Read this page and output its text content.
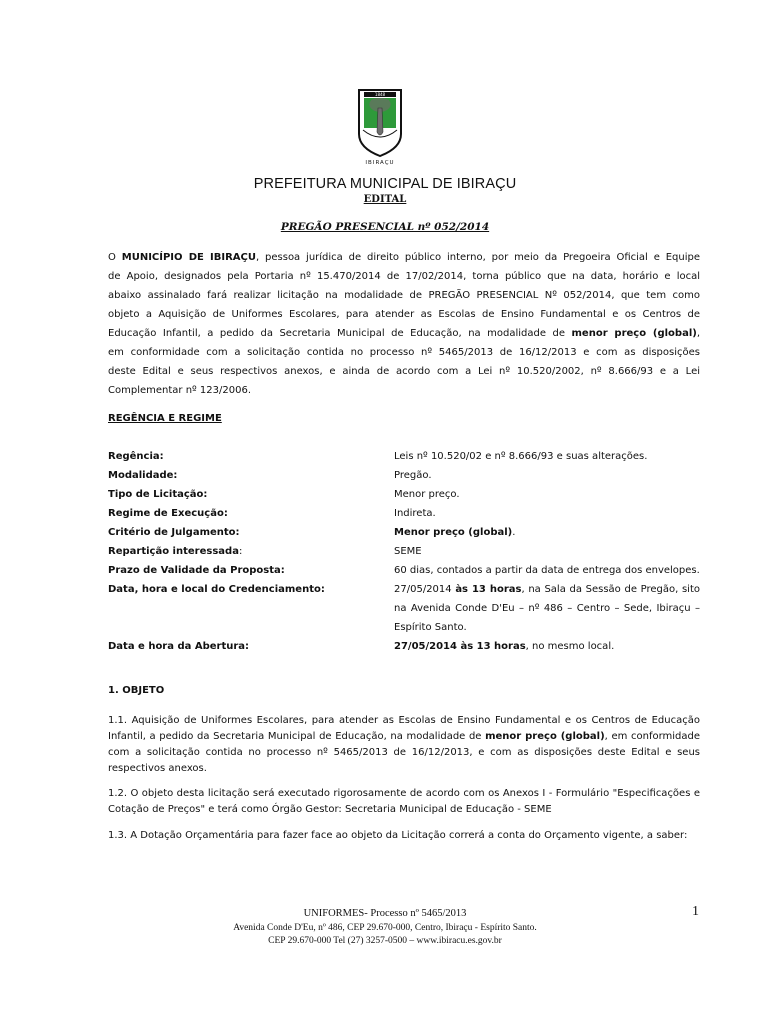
1848
IBIRAÇU
PREFEITURA MUNICIPAL DE IBIRAÇU
EDITAL
PREGÃO PRESENCIAL nº 052/2014
O MUNICÍPIO DE IBIRAÇU, pessoa jurídica de direito público interno, por meio da Pregoeira Oficial e Equipe
de Apoio, designados pela Portaria nº 15.470/2014 de 17/02/2014, torna público que na data, horário e local
abaixo assinalado fará realizar licitação na modalidade de PREGÃO PRESENCIAL Nº 052/2014, que tem como
objeto a Aquisição de Uniformes Escolares, para atender as Escolas de Ensino Fundamental e os Centros de
Educação Infantil, a pedido da Secretaria Municipal de Educação, na modalidade de menor preço (global),
em conformidade com a solicitação contida no processo nº 5465/2013 de 16/12/2013 e com as disposições
deste Edital e seus respectivos anexos, e ainda de acordo com a Lei nº 10.520/2002, nº 8.666/93 e a Lei
Complementar nº 123/2006.
REGÊNCIA E REGIME
Regência:	Leis nº 10.520/02 e nº 8.666/93 e suas alterações.
Modalidade:	Pregão.
Tipo de Licitação:	Menor preço.
Regime de Execução:	Indireta.
Critério de Julgamento:	Menor preço (global).
Repartição interessada:	SEME
Prazo de Validade da Proposta:	60 dias, contados a partir da data de entrega dos envelopes.
Data, hora e local do Credenciamento:	27/05/2014 às 13 horas, na Sala da Sessão de Pregão, sito na Avenida Conde D'Eu – nº 486 – Centro – Sede, Ibiraçu – Espírito Santo.
Data e hora da Abertura:	27/05/2014 às 13 horas, no mesmo local.
1. OBJETO
1.1. Aquisição de Uniformes Escolares, para atender as Escolas de Ensino Fundamental e os Centros de Educação Infantil, a pedido da Secretaria Municipal de Educação, na modalidade de menor preço (global), em conformidade com a solicitação contida no processo nº 5465/2013 de 16/12/2013, e com as disposições deste Edital e seus respectivos anexos.
1.2. O objeto desta licitação será executado rigorosamente de acordo com os Anexos I - Formulário "Especificações e Cotação de Preços" e terá como Órgão Gestor: Secretaria Municipal de Educação - SEME
1.3. A Dotação Orçamentária para fazer face ao objeto da Licitação correrá a conta do Orçamento vigente, a saber:
UNIFORMES- Processo nº 5465/2013
Avenida Conde D'Eu, nº 486, CEP 29.670-000, Centro, Ibiraçu - Espírito Santo.
CEP 29.670-000 Tel (27) 3257-0500 – www.ibiracu.es.gov.br
1
